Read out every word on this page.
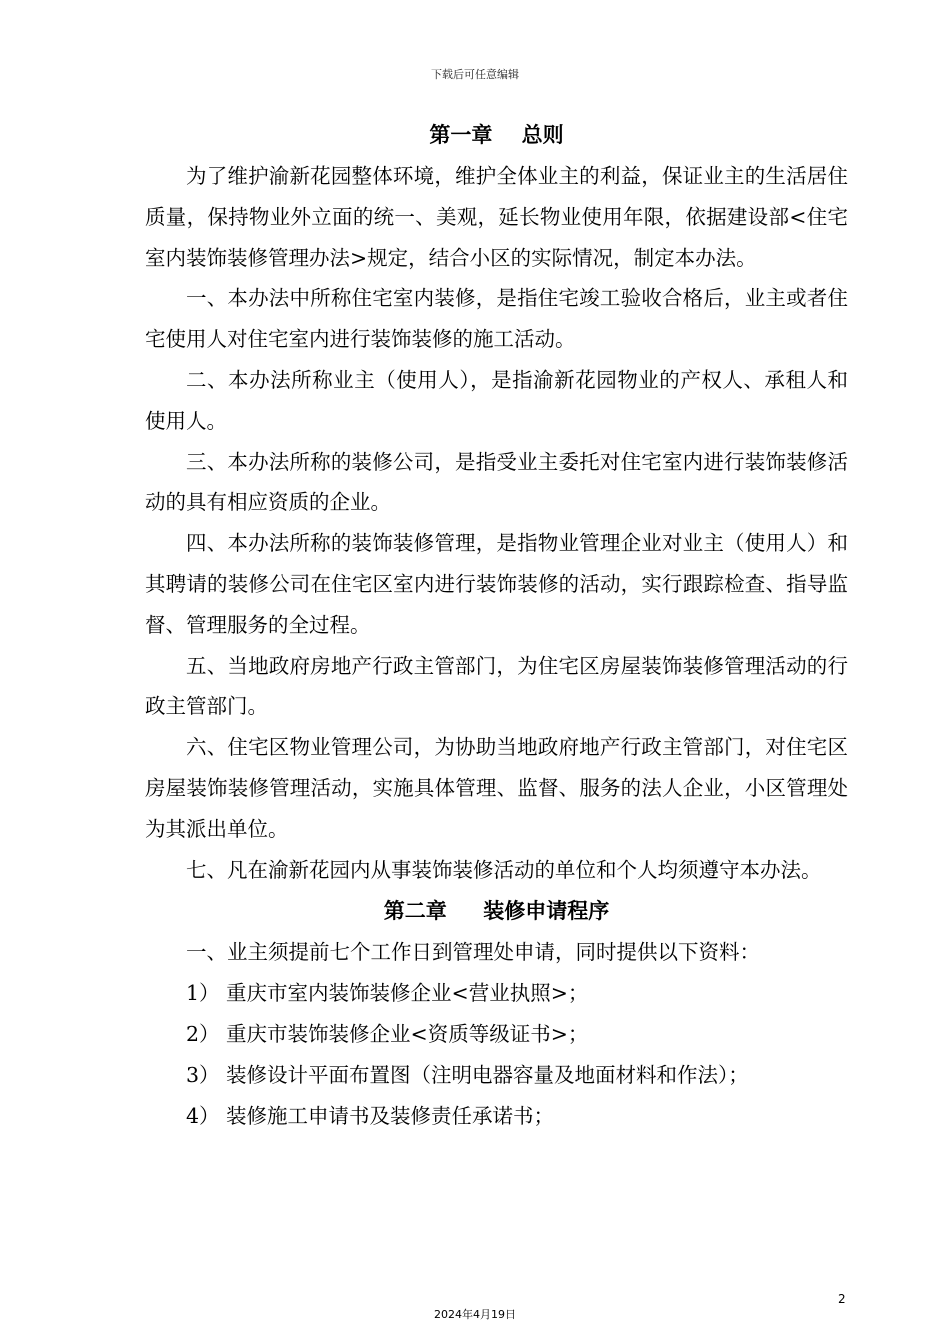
下载后可任意编辑
第一章    总则

为了维护渝新花园整体环境，维护全体业主的利益，保证业主的生活居住质量，保持物业外立面的统一、美观，延长物业使用年限，依据建设部<住宅室内装饰装修管理办法>规定，结合小区的实际情况，制定本办法。

一、本办法中所称住宅室内装修，是指住宅竣工验收合格后，业主或者住宅使用人对住宅室内进行装饰装修的施工活动。

二、本办法所称业主（使用人），是指渝新花园物业的产权人、承租人和使用人。

三、本办法所称的装修公司，是指受业主委托对住宅室内进行装饰装修活动的具有相应资质的企业。

四、本办法所称的装饰装修管理，是指物业管理企业对业主（使用人）和其聘请的装修公司在住宅区室内进行装饰装修的活动，实行跟踪检查、指导监督、管理服务的全过程。

五、当地政府房地产行政主管部门，为住宅区房屋装饰装修管理活动的行政主管部门。

六、住宅区物业管理公司，为协助当地政府地产行政主管部门，对住宅区房屋装饰装修管理活动，实施具体管理、监督、服务的法人企业，小区管理处为其派出单位。

七、凡在渝新花园内从事装饰装修活动的单位和个人均须遵守本办法。

第二章     装修申请程序

一、业主须提前七个工作日到管理处申请，同时提供以下资料：

1） 重庆市室内装饰装修企业<营业执照>；

2） 重庆市装饰装修企业<资质等级证书>；

3） 装修设计平面布置图（注明电器容量及地面材料和作法）；

4） 装修施工申请书及装修责任承诺书；

2
2024年4月19日
